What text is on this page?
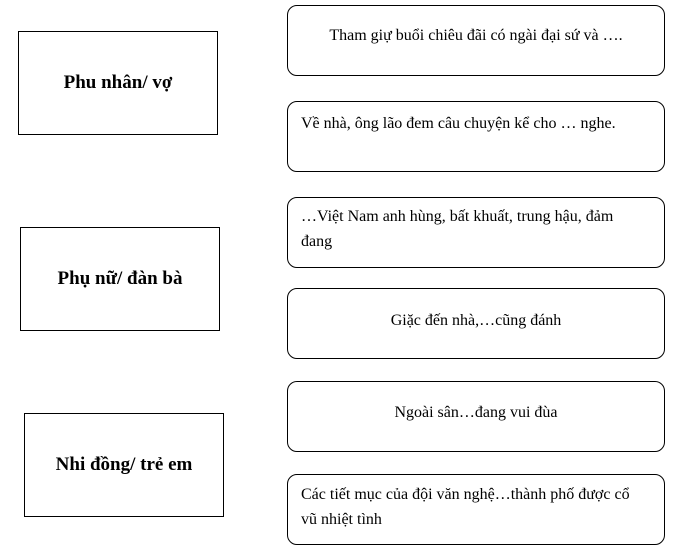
Phu nhân/ vợ
Phụ nữ/ đàn bà
Nhi đồng/ trẻ em
Tham giự buổi chiêu đãi có ngài đại sứ và ….
Về nhà, ông lão đem câu chuyện kể cho … nghe.
…Việt Nam anh hùng, bất khuất, trung hậu, đảm đang
Giặc đến nhà,…cũng đánh
Ngoài sân…đang vui đùa
Các tiết mục của đội văn nghệ…thành phố được cổ vũ nhiệt tình
